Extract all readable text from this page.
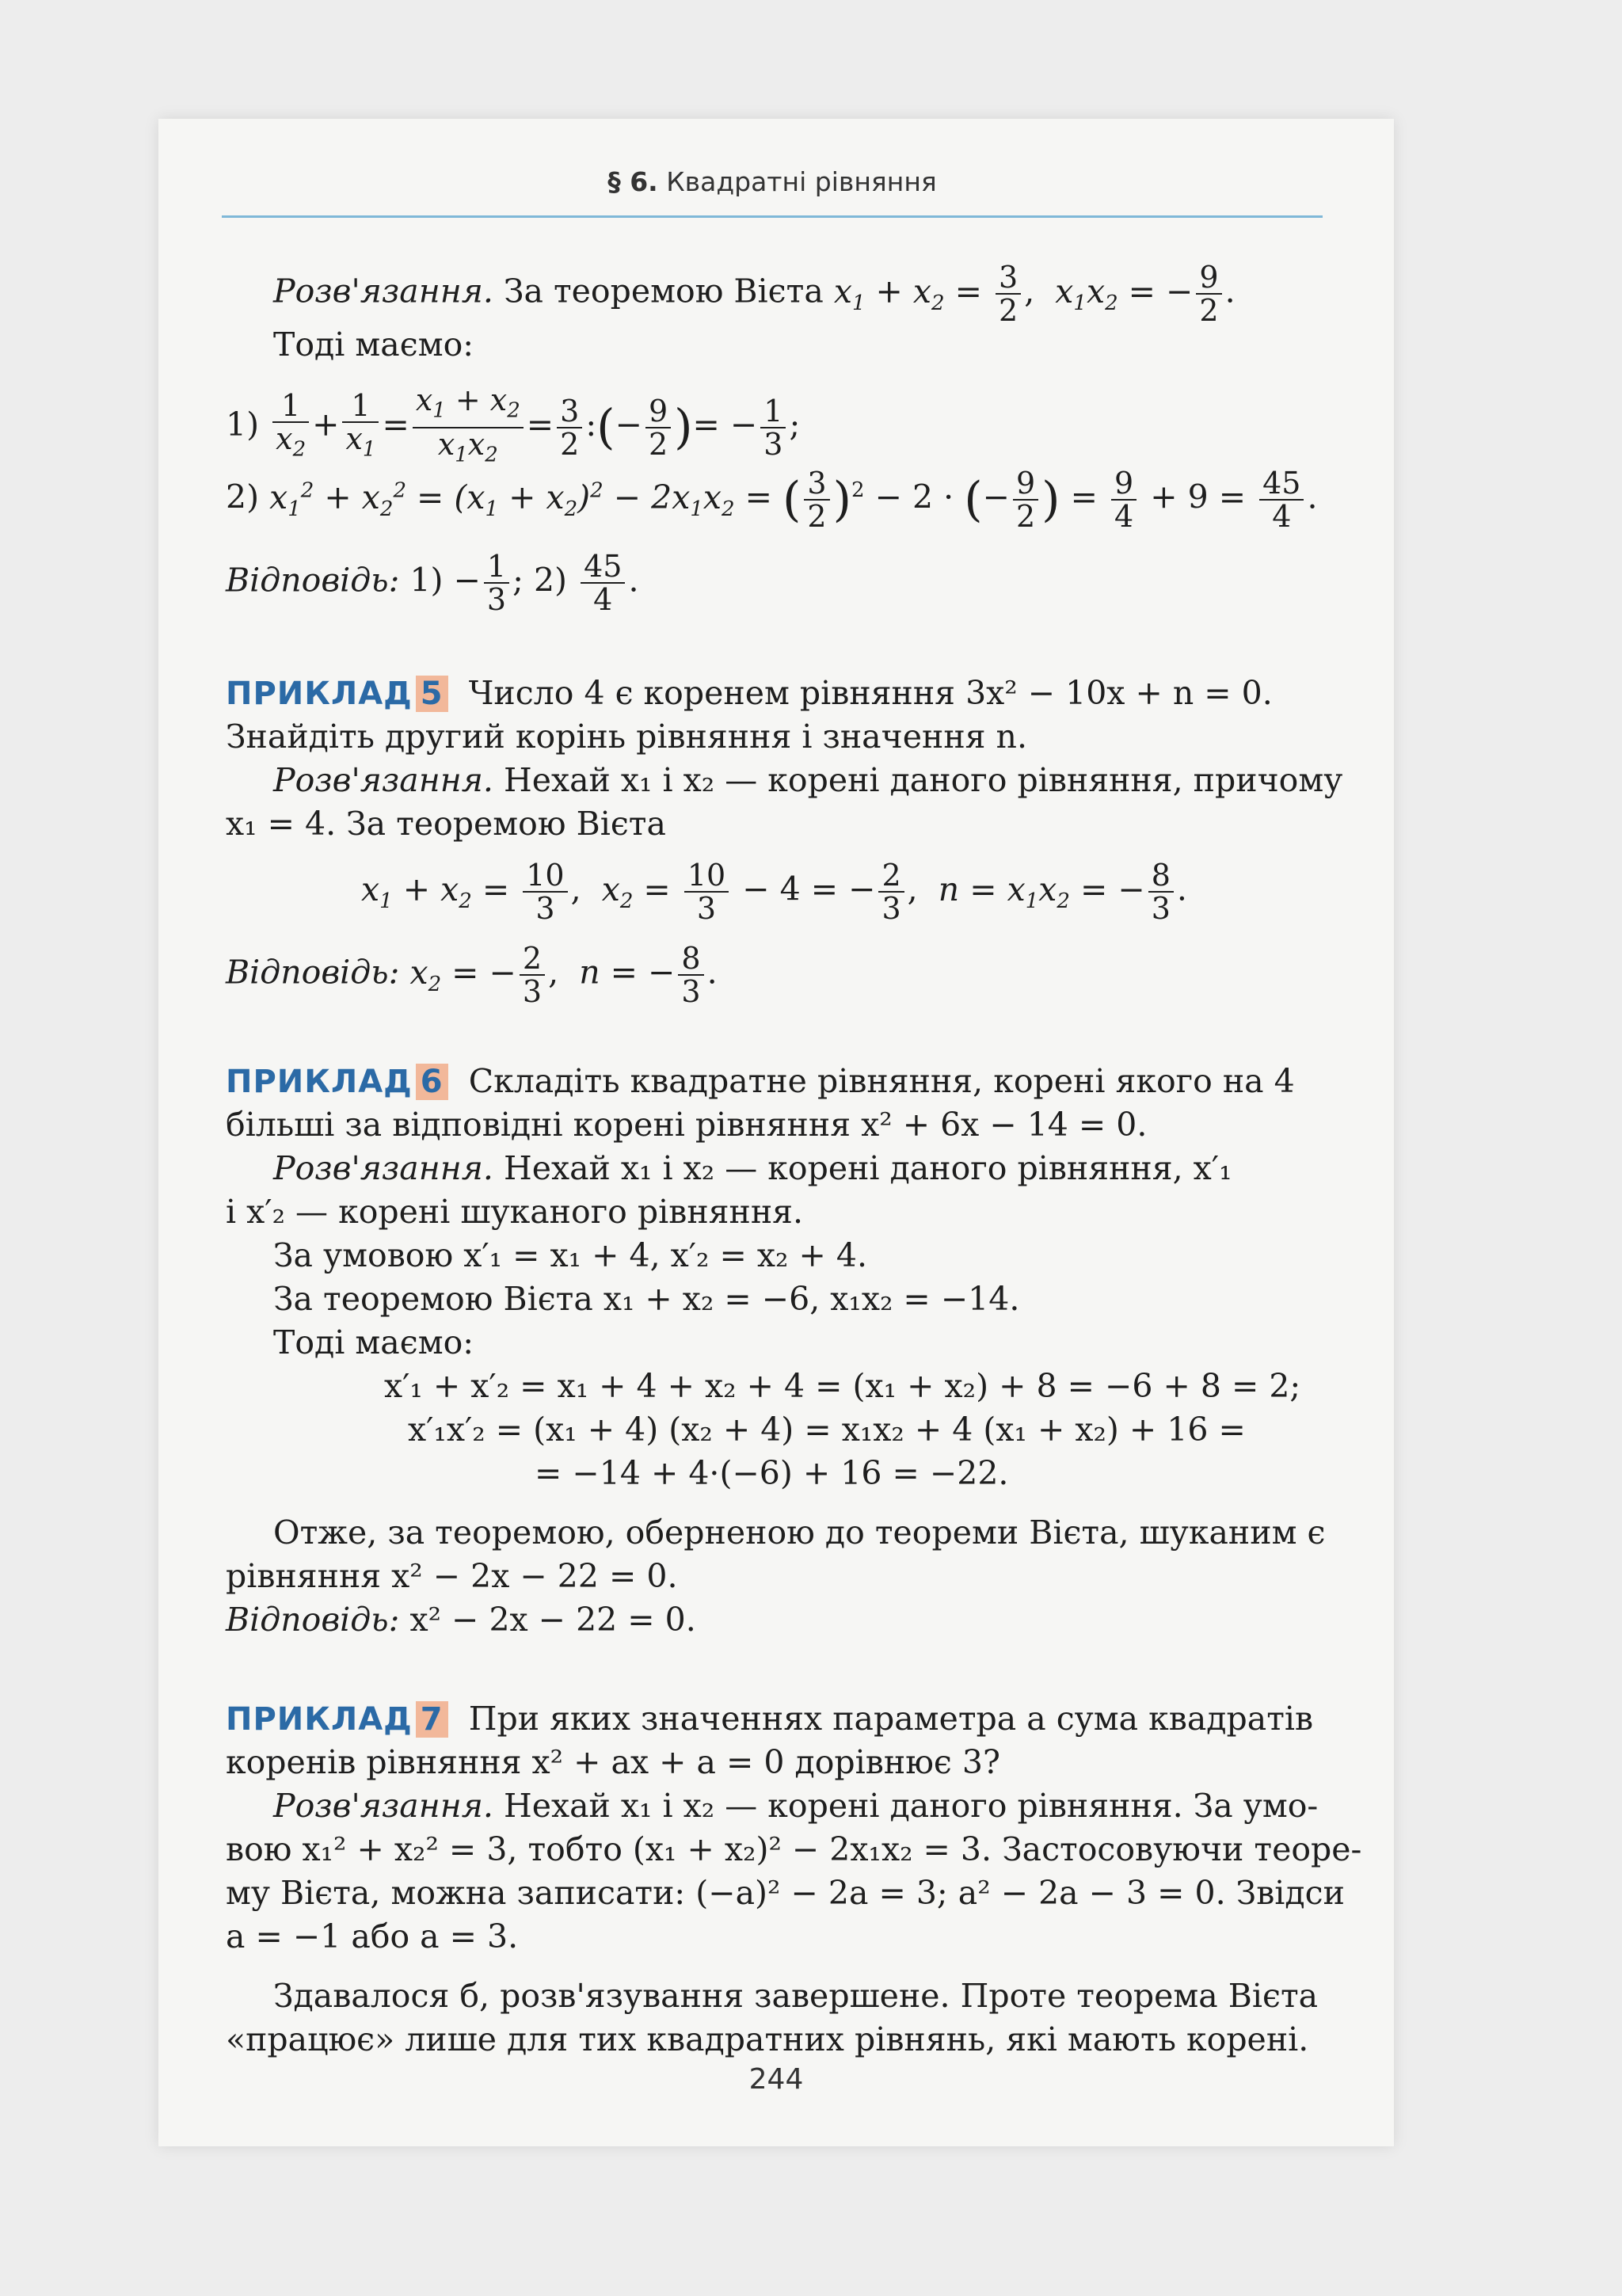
§ 6. Квадратні рівняння
Розв'язання. За теоремою Вієта $x_1 + x_2 = \frac{3}{2}$ ,  $x_1x_2$ = − $\frac{9}{2}$ .
Тоді маємо:
$1) \frac{1}{x_2} + \frac{1}{x_1} = \frac{x_1 + x_2}{x_1x_2} = \frac{3}{2}$ :(− $\frac{9}{2}$ )= − $\frac{1}{3}$ ;
2) $x_1^2 + x_2^2 = (x_1 + x_2)^2 - 2x_1x_2$ = ( $\frac{3}{2} )^2 - 2$ · (− $\frac{9}{2}$ ) = $\frac{9}{4} + 9 = \frac{45}{4}$ .
Відповідь: $1) - \frac{1}{3}$ ; $2) \frac{45}{4}$ .
ПРИКЛАД 5 Число 4 є коренем рівняння 3x² − 10x + n = 0.
Знайдіть другий корінь рівняння і значення n.
Розв'язання. Нехай x₁ і x₂ — корені даного рівняння, причому
x₁ = 4. За теоремою Вієта
$x_1 + x_2 = \frac{10}{3}$ ,  $x_2 = \frac{10}{3} - 4$ = − $\frac{2}{3}$ ,  $n = x_1x_2$ = − $\frac{8}{3}$ .
Відповідь: $x_2$ = − $\frac{2}{3}$ ,  n = − $\frac{8}{3}$ .
ПРИКЛАД 6 Складіть квадратне рівняння, корені якого на 4
більші за відповідні корені рівняння x² + 6x − 14 = 0.
Розв'язання. Нехай x₁ і x₂ — корені даного рівняння, x′₁
і x′₂ — корені шуканого рівняння.
За умовою x′₁ = x₁ + 4, x′₂ = x₂ + 4.
За теоремою Вієта x₁ + x₂ = −6, x₁x₂ = −14.
Тоді маємо:
x′₁ + x′₂ = x₁ + 4 + x₂ + 4 = (x₁ + x₂) + 8 = −6 + 8 = 2;
x′₁x′₂ = (x₁ + 4) (x₂ + 4) = x₁x₂ + 4 (x₁ + x₂) + 16 =
= −14 + 4·(−6) + 16 = −22.
Отже, за теоремою, оберненою до теореми Вієта, шуканим є
рівняння x² − 2x − 22 = 0.
Відповідь: x² − 2x − 22 = 0.
ПРИКЛАД 7 При яких значеннях параметра a сума квадратів
коренів рівняння x² + ax + a = 0 дорівнює 3?
Розв'язання. Нехай x₁ і x₂ — корені даного рівняння. За умо-
вою x₁² + x₂² = 3, тобто (x₁ + x₂)² − 2x₁x₂ = 3. Застосовуючи теоре-
му Вієта, можна записати: (−a)² − 2a = 3; a² − 2a − 3 = 0. Звідси
a = −1 або a = 3.
Здавалося б, розв'язування завершене. Проте теорема Вієта
«працює» лише для тих квадратних рівнянь, які мають корені.
244
